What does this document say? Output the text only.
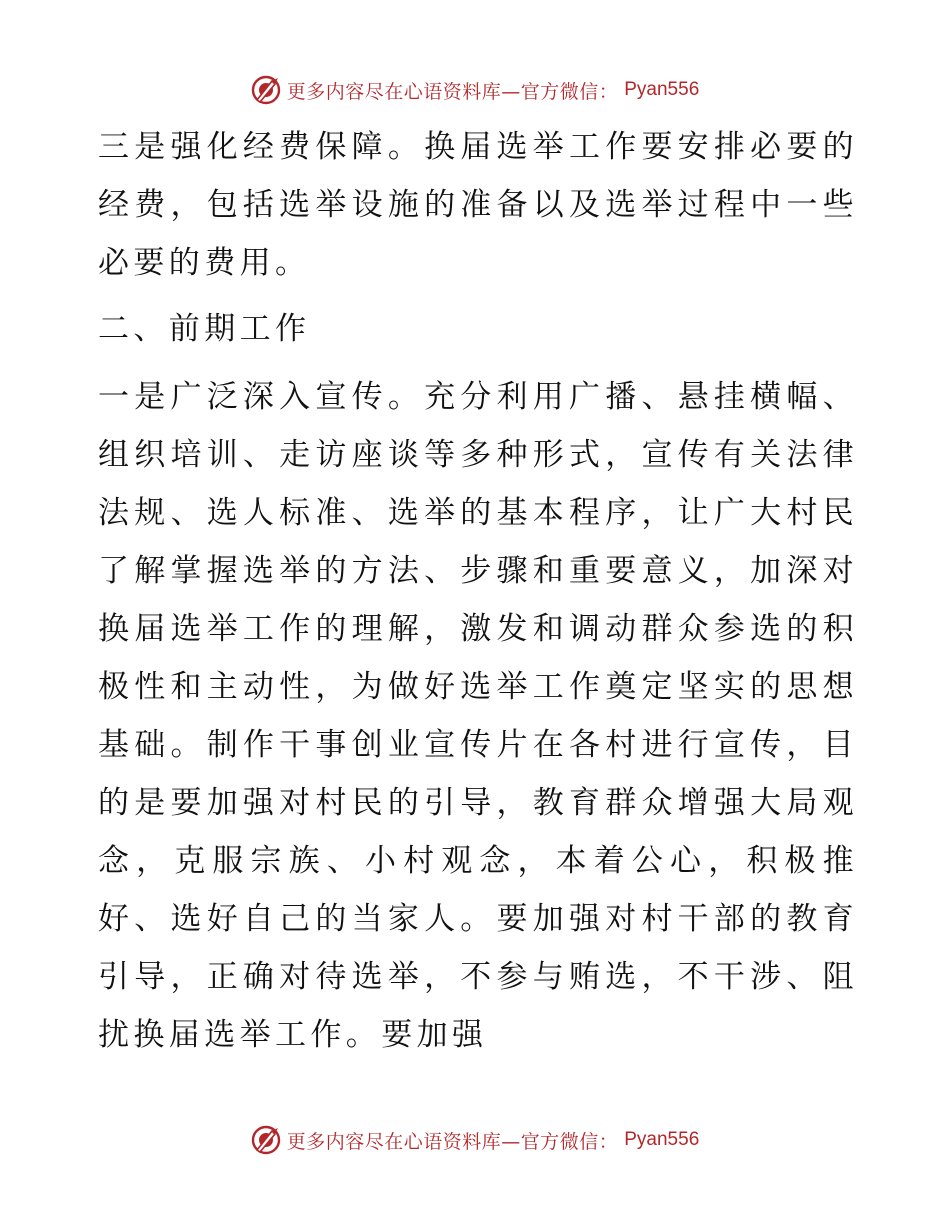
更多内容尽在心语资料库—官方微信： Pyan556

三是强化经费保障。换届选举工作要安排必要的经费，包括选举设施的准备以及选举过程中一些必要的费用。

二、前期工作

一是广泛深入宣传。充分利用广播、悬挂横幅、组织培训、走访座谈等多种形式，宣传有关法律法规、选人标准、选举的基本程序，让广大村民了解掌握选举的方法、步骤和重要意义，加深对换届选举工作的理解，激发和调动群众参选的积极性和主动性，为做好选举工作奠定坚实的思想基础。制作干事创业宣传片在各村进行宣传，目的是要加强对村民的引导，教育群众增强大局观念，克服宗族、小村观念，本着公心，积极推好、选好自己的当家人。要加强对村干部的教育引导，正确对待选举，不参与贿选，不干涉、阻扰换届选举工作。要加强

更多内容尽在心语资料库—官方微信： Pyan556
